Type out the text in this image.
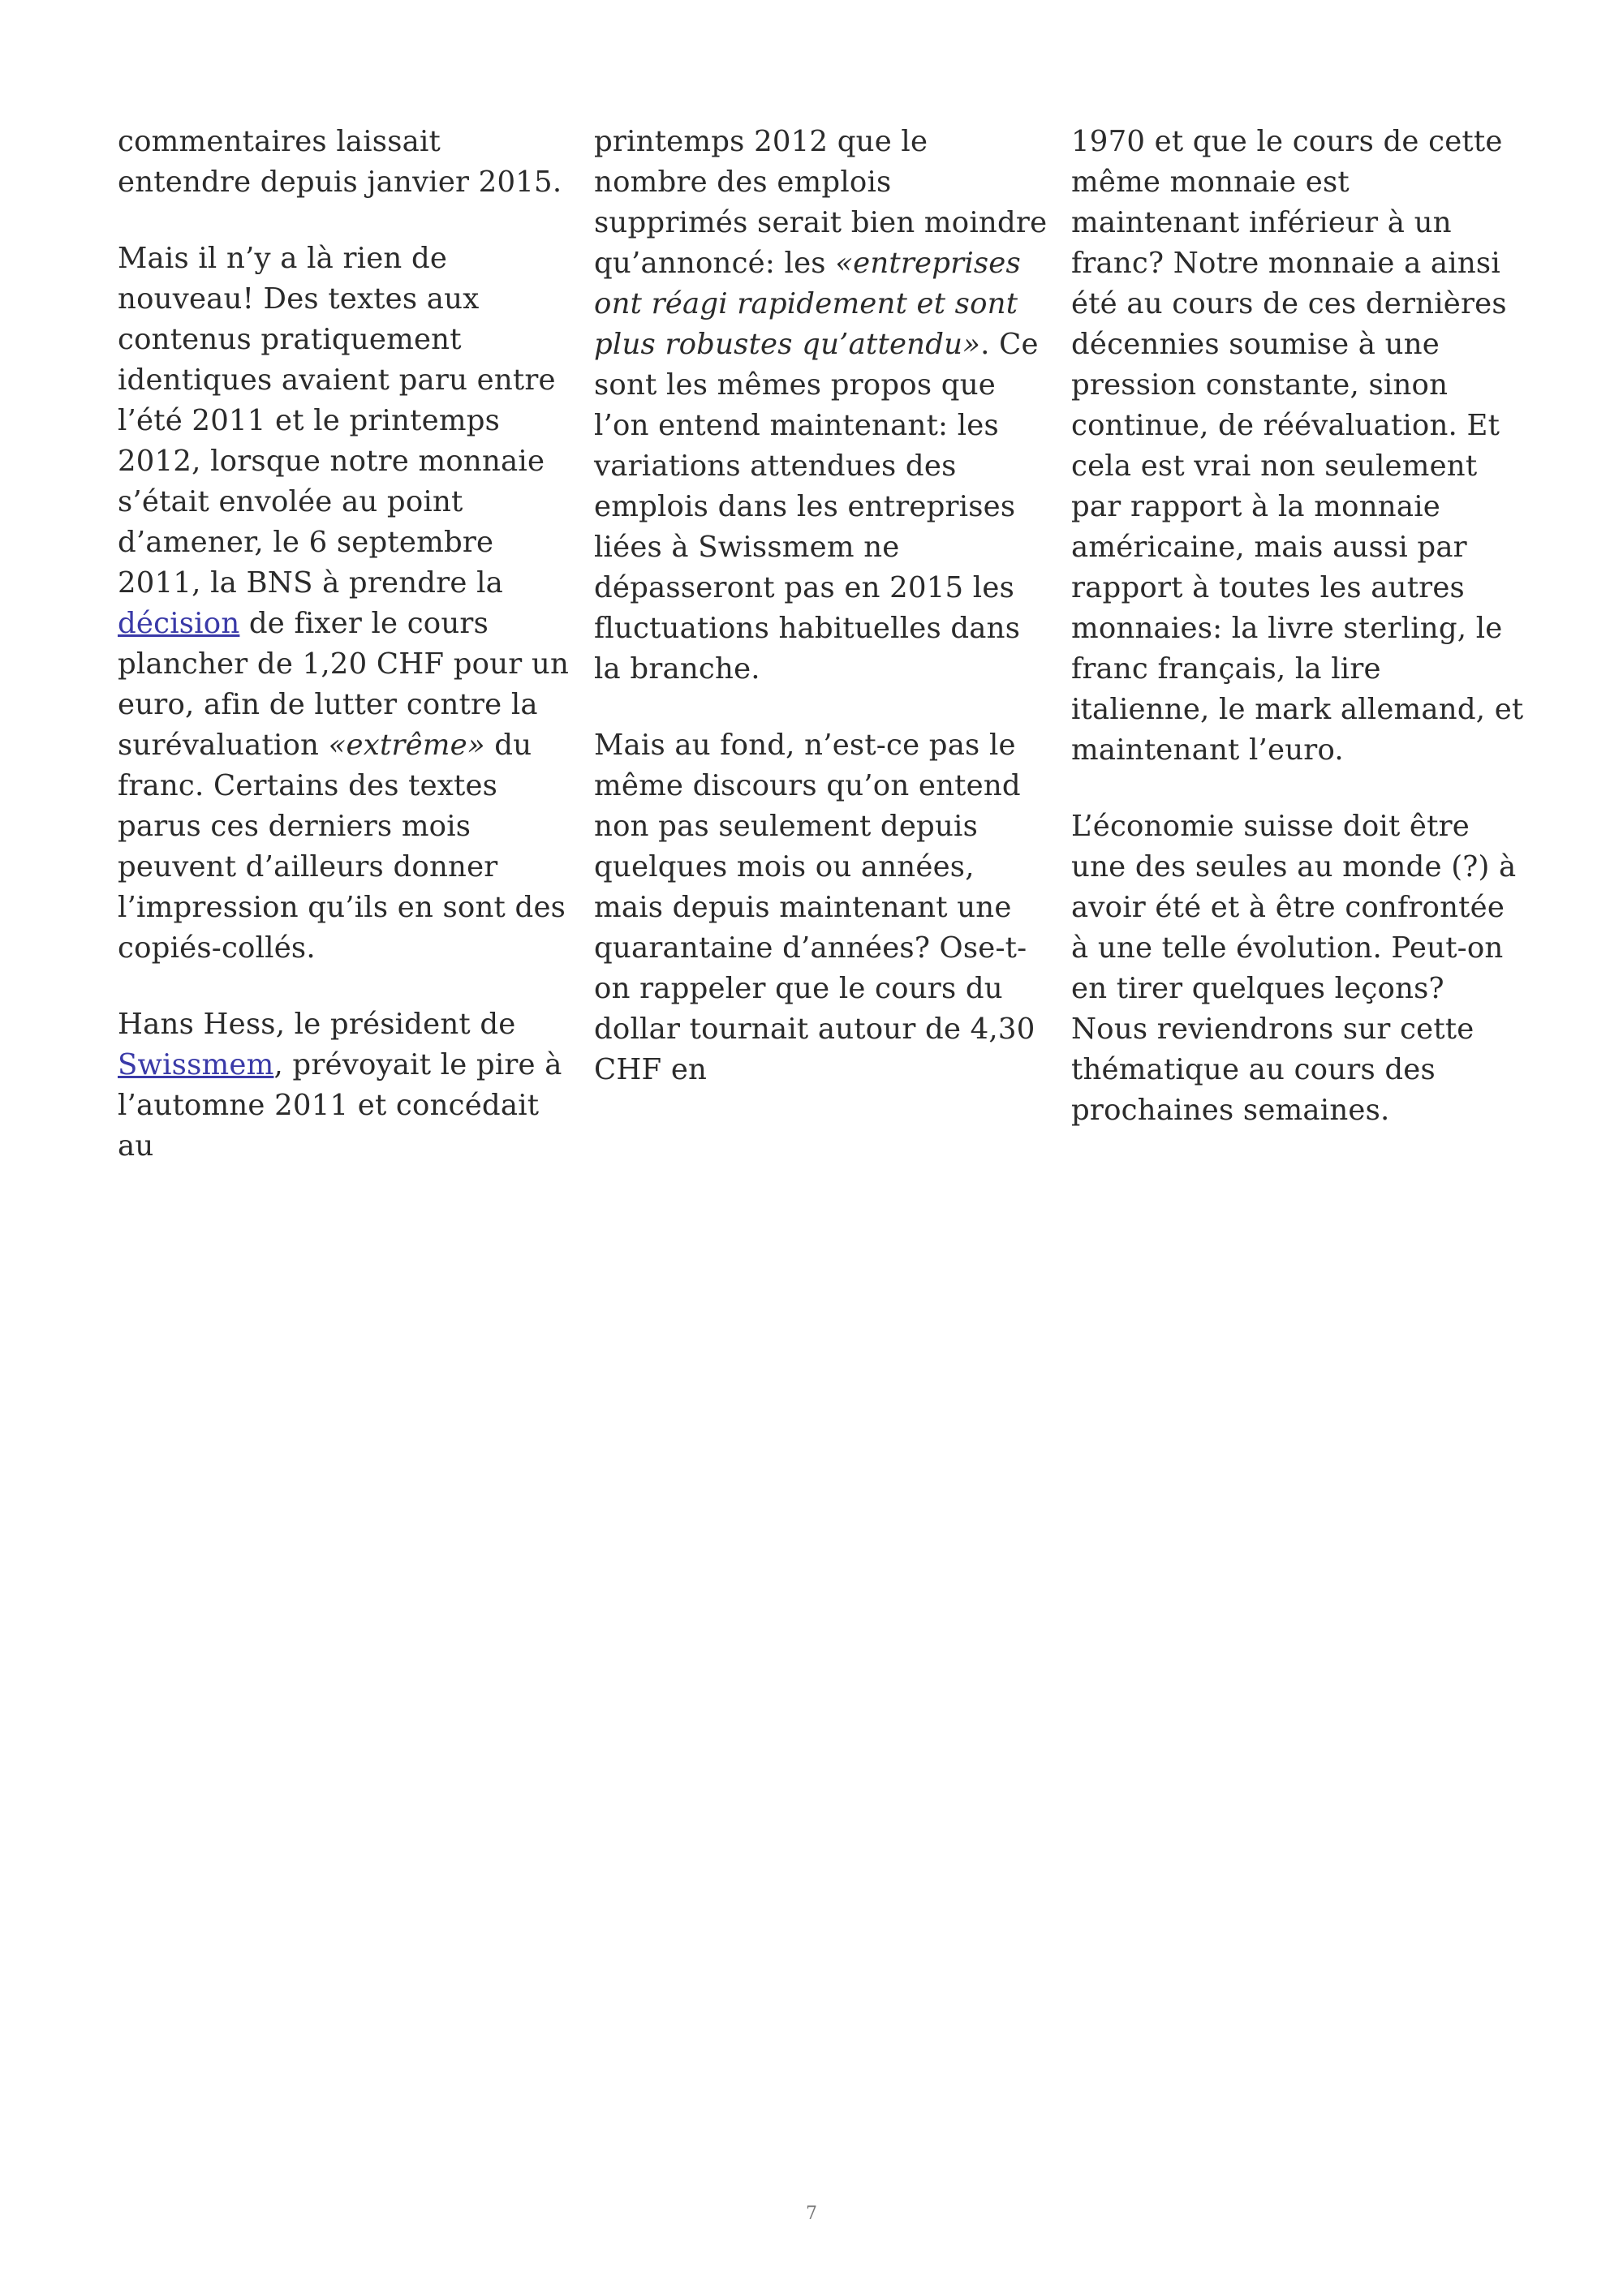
commentaires laissait entendre depuis janvier 2015.

Mais il n’y a là rien de nouveau! Des textes aux contenus pratiquement identiques avaient paru entre l’été 2011 et le printemps 2012, lorsque notre monnaie s’était envolée au point d’amener, le 6 septembre 2011, la BNS à prendre la décision de fixer le cours plancher de 1,20 CHF pour un euro, afin de lutter contre la surévaluation «extrême» du franc. Certains des textes parus ces derniers mois peuvent d’ailleurs donner l’impression qu’ils en sont des copiés-collés.

Hans Hess, le président de Swissmem, prévoyait le pire à l’automne 2011 et concédait au

printemps 2012 que le nombre des emplois supprimés serait bien moindre qu’annoncé: les «entreprises ont réagi rapidement et sont plus robustes qu’attendu». Ce sont les mêmes propos que l’on entend maintenant: les variations attendues des emplois dans les entreprises liées à Swissmem ne dépasseront pas en 2015 les fluctuations habituelles dans la branche.

Mais au fond, n’est-ce pas le même discours qu’on entend non pas seulement depuis quelques mois ou années, mais depuis maintenant une quarantaine d’années? Ose-t-on rappeler que le cours du dollar tournait autour de 4,30 CHF en

1970 et que le cours de cette même monnaie est maintenant inférieur à un franc? Notre monnaie a ainsi été au cours de ces dernières décennies soumise à une pression constante, sinon continue, de réévaluation. Et cela est vrai non seulement par rapport à la monnaie américaine, mais aussi par rapport à toutes les autres monnaies: la livre sterling, le franc français, la lire italienne, le mark allemand, et maintenant l’euro.

L’économie suisse doit être une des seules au monde (?) à avoir été et à être confrontée à une telle évolution. Peut-on en tirer quelques leçons? Nous reviendrons sur cette thématique au cours des prochaines semaines.

7
